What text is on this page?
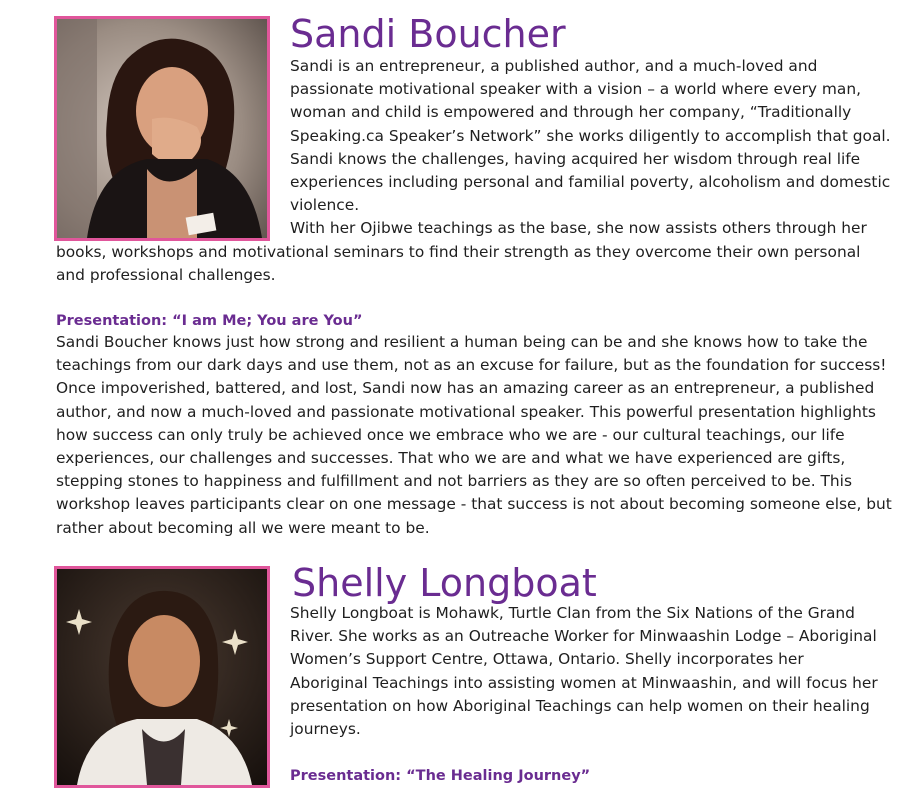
Sandi Boucher

Sandi is an entrepreneur, a published author, and a much-loved and passionate motivational speaker with a vision – a world where every man, woman and child is empowered and through her company, “Traditionally Speaking.ca Speaker’s Network” she works diligently to accomplish that goal. Sandi knows the challenges, having acquired her wisdom through real life experiences including personal and familial poverty, alcoholism and domestic violence.

With her Ojibwe teachings as the base, she now assists others through her books, workshops and motivational seminars to find their strength as they overcome their own personal and professional challenges.

Presentation: “I am Me; You are You”

Sandi Boucher knows just how strong and resilient a human being can be and she knows how to take the teachings from our dark days and use them, not as an excuse for failure, but as the foundation for success! Once impoverished, battered, and lost, Sandi now has an amazing career as an entrepreneur, a published author, and now a much-loved and passionate motivational speaker. This powerful presentation highlights how success can only truly be achieved once we embrace who we are - our cultural teachings, our life experiences, our challenges and successes. That who we are and what we have experienced are gifts, stepping stones to happiness and fulfillment and not barriers as they are so often perceived to be. This workshop leaves participants clear on one message - that success is not about becoming someone else, but rather about becoming all we were meant to be.

Shelly Longboat

Shelly Longboat is Mohawk, Turtle Clan from the Six Nations of the Grand River. She works as an Outreache Worker for Minwaashin Lodge – Aboriginal Women’s Support Centre, Ottawa, Ontario. Shelly incorporates her Aboriginal Teachings into assisting women at Minwaashin, and will focus her presentation on how Aboriginal Teachings can help women on their healing journeys.

Presentation: “The Healing Journey”
